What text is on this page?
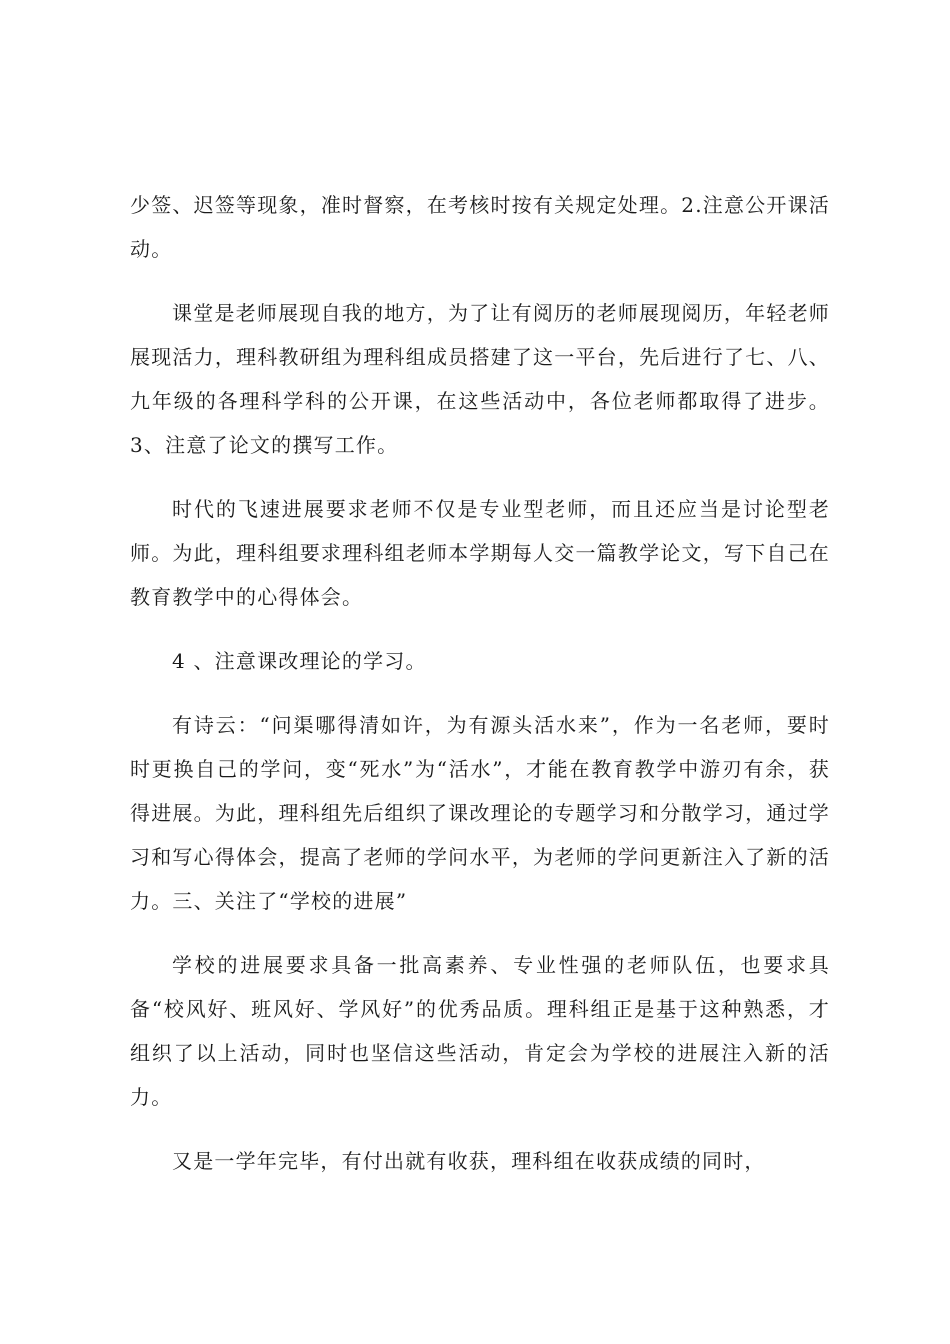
少签、迟签等现象，准时督察，在考核时按有关规定处理。2.注意公开课活动。

课堂是老师展现自我的地方，为了让有阅历的老师展现阅历，年轻老师展现活力，理科教研组为理科组成员搭建了这一平台，先后进行了七、八、九年级的各理科学科的公开课，在这些活动中，各位老师都取得了进步。3、注意了论文的撰写工作。

时代的飞速进展要求老师不仅是专业型老师，而且还应当是讨论型老师。为此，理科组要求理科组老师本学期每人交一篇教学论文，写下自己在教育教学中的心得体会。

4 、注意课改理论的学习。

有诗云：“问渠哪得清如许，为有源头活水来”，作为一名老师，要时时更换自己的学问，变“死水”为“活水”，才能在教育教学中游刃有余，获得进展。为此，理科组先后组织了课改理论的专题学习和分散学习，通过学习和写心得体会，提高了老师的学问水平，为老师的学问更新注入了新的活力。三、关注了“学校的进展”

学校的进展要求具备一批高素养、专业性强的老师队伍，也要求具备“校风好、班风好、学风好”的优秀品质。理科组正是基于这种熟悉，才组织了以上活动，同时也坚信这些活动，肯定会为学校的进展注入新的活力。

又是一学年完毕，有付出就有收获，理科组在收获成绩的同时，
